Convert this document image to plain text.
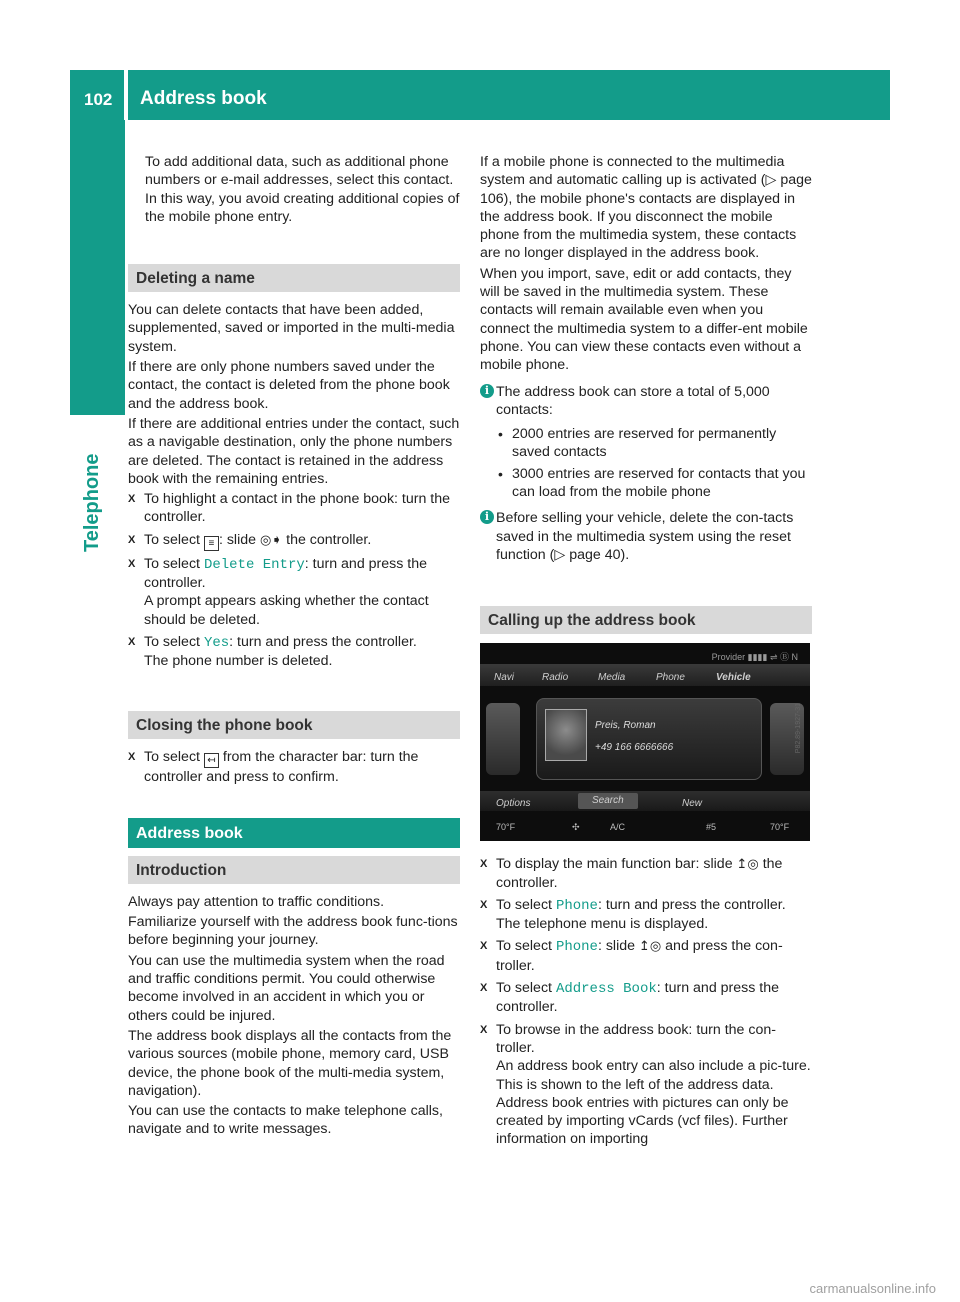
102 Address book
Telephone

To add additional data, such as additional phone numbers or e-mail addresses, select this contact. In this way, you avoid creating additional copies of the mobile phone entry.

Deleting a name

You can delete contacts that have been added, supplemented, saved or imported in the multi-media system.

If there are only phone numbers saved under the contact, the contact is deleted from the phone book and the address book.

If there are additional entries under the contact, such as a navigable destination, only the phone numbers are deleted. The contact is retained in the address book with the remaining entries.

X To highlight a contact in the phone book: turn the controller.
X To select ≡ : slide ◎➧ the controller.
X To select Delete Entry: turn and press the controller.
A prompt appears asking whether the contact should be deleted.
X To select Yes: turn and press the controller.
The phone number is deleted.
Closing the phone book
X To select ↤ from the character bar: turn the controller and press to confirm.
Address book
Introduction

Always pay attention to traffic conditions.

Familiarize yourself with the address book func-tions before beginning your journey.

You can use the multimedia system when the road and traffic conditions permit. You could otherwise become involved in an accident in which you or others could be injured.

The address book displays all the contacts from the various sources (mobile phone, memory card, USB device, the phone book of the multi-media system, navigation).

You can use the contacts to make telephone calls, navigate and to write messages.

If a mobile phone is connected to the multimedia system and automatic calling up is activated (▷ page 106), the mobile phone's contacts are displayed in the address book. If you disconnect the mobile phone from the multimedia system, these contacts are no longer displayed in the address book.

When you import, save, edit or add contacts, they will be saved in the multimedia system. These contacts will remain available even when you connect the multimedia system to a differ-ent mobile phone. You can view these contacts even without a mobile phone.

i The address book can store a total of 5,000 contacts:
• 2000 entries are reserved for permanently saved contacts
• 3000 entries are reserved for contacts that you can load from the mobile phone
i Before selling your vehicle, delete the con-tacts saved in the multimedia system using the reset function (▷ page 40).
Calling up the address book
Provider ▮▮▮▮ ⇌ Ⓑ N
Navi	Radio	Media	Phone	Vehicle
Preis, Roman
+49 166 6666666
Options	Search	New
70°F	✣	A/C	#5	70°F
P82.89-1927-31
X To display the main function bar: slide ↥◎ the controller.
X To select Phone: turn and press the controller.
The telephone menu is displayed.
X To select Phone: slide ↥◎ and press the con-troller.
X To select Address Book: turn and press the controller.
X To browse in the address book: turn the con-troller.
An address book entry can also include a pic-ture. This is shown to the left of the address data. Address book entries with pictures can only be created by importing vCards (vcf files). Further information on importing
carmanualsonline.info
